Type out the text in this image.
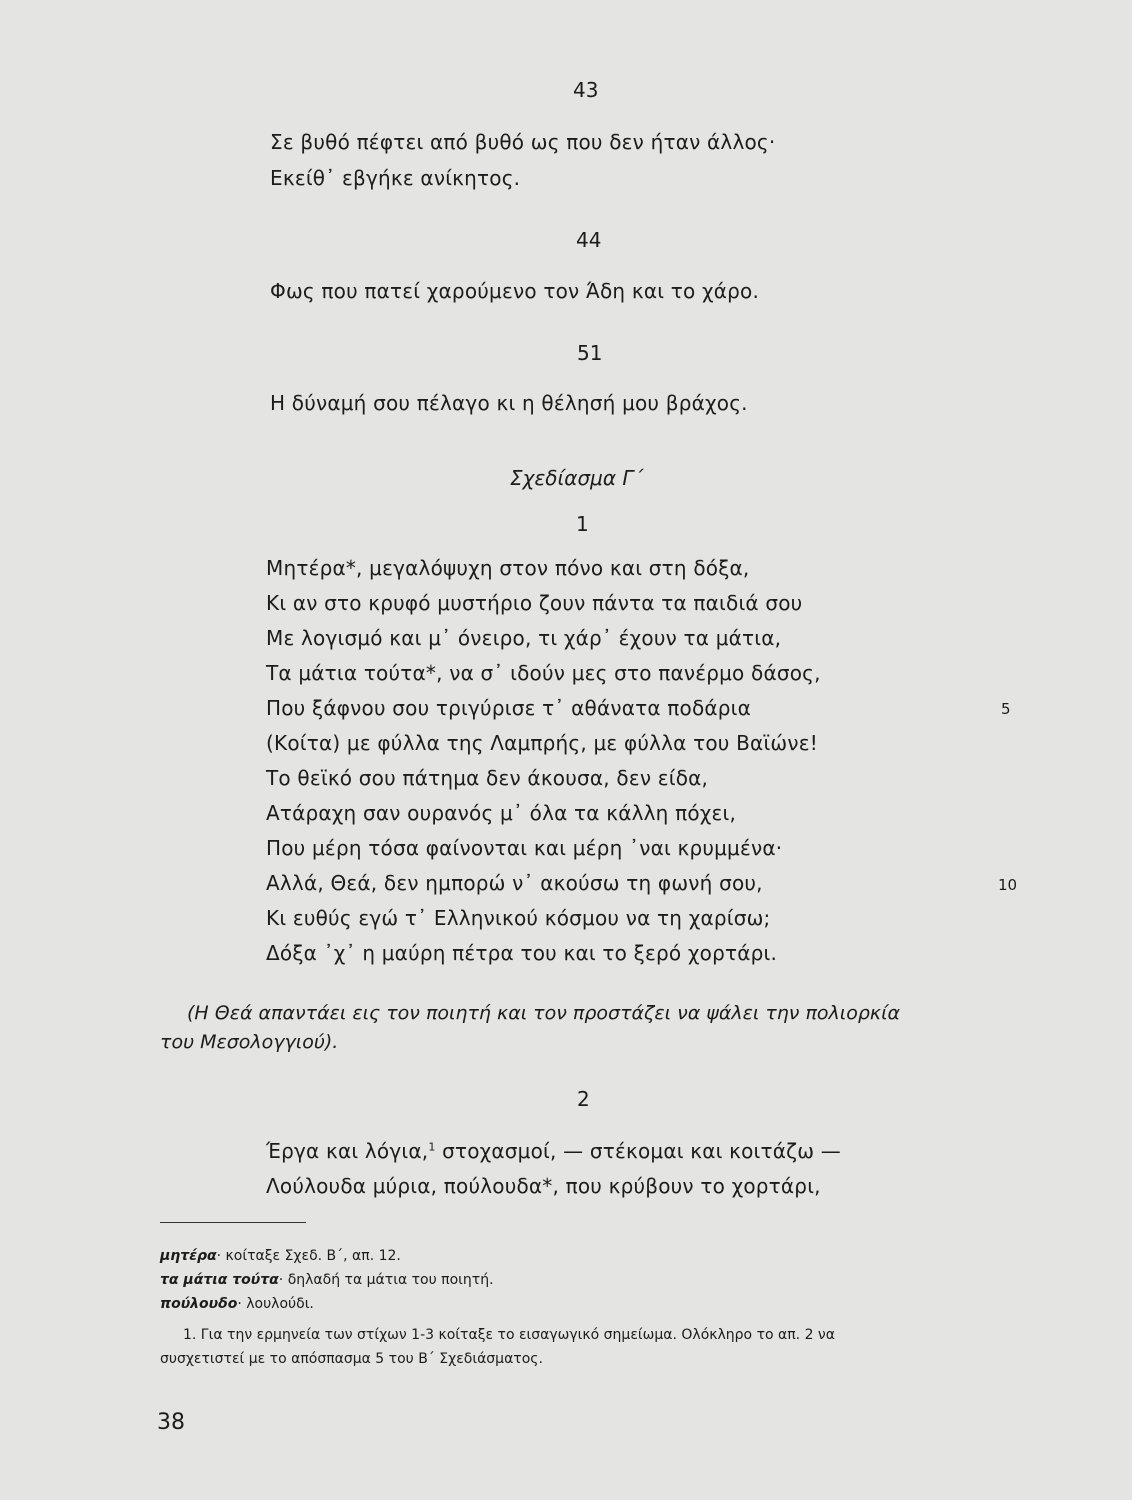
43
Σε βυθό πέφτει από βυθό ως που δεν ήταν άλλος·
Εκείθ᾽ εβγήκε ανίκητος.
44
Φως που πατεί χαρούμενο τον Άδη και το χάρο.
51
Η δύναμή σου πέλαγο κι η θέλησή μου βράχος.
Σχεδίασμα Γ΄
1
Μητέρα*, μεγαλόψυχη στον πόνο και στη δόξα,
Κι αν στο κρυφό μυστήριο ζουν πάντα τα παιδιά σου
Με λογισμό και μ᾽ όνειρο, τι χάρ᾽ έχουν τα μάτια,
Τα μάτια τούτα*, να σ᾽ ιδούν μες στο πανέρμο δάσος,
Που ξάφνου σου τριγύρισε τ᾽ αθάνατα ποδάρια	5
(Κοίτα) με φύλλα της Λαμπρής, με φύλλα του Βαϊώνε!
Το θεϊκό σου πάτημα δεν άκουσα, δεν είδα,
Ατάραχη σαν ουρανός μ᾽ όλα τα κάλλη πόχει,
Που μέρη τόσα φαίνονται και μέρη ᾽ναι κρυμμένα·
Αλλά, Θεά, δεν ημπορώ ν᾽ ακούσω τη φωνή σου,	10
Κι ευθύς εγώ τ᾽ Ελληνικού κόσμου να τη χαρίσω;
Δόξα ᾽χ᾽ η μαύρη πέτρα του και το ξερό χορτάρι.
(Η Θεά απαντάει εις τον ποιητή και τον προστάζει να ψάλει την πολιορκία
του Μεσολογγιού).
2
Έργα και λόγια,$^1$ στοχασμοί, — στέκομαι και κοιτάζω —
Λούλουδα μύρια, πούλουδα*, που κρύβουν το χορτάρι,
μητέρα· κοίταξε Σχεδ. Β΄, απ. 12.
τα μάτια τούτα· δηλαδή τα μάτια του ποιητή.
πούλουδο· λουλούδι.
1. Για την ερμηνεία των στίχων 1-3 κοίταξε το εισαγωγικό σημείωμα. Ολόκληρο το απ. 2 να
συσχετιστεί με το απόσπασμα 5 του Β΄ Σχεδιάσματος.
38
